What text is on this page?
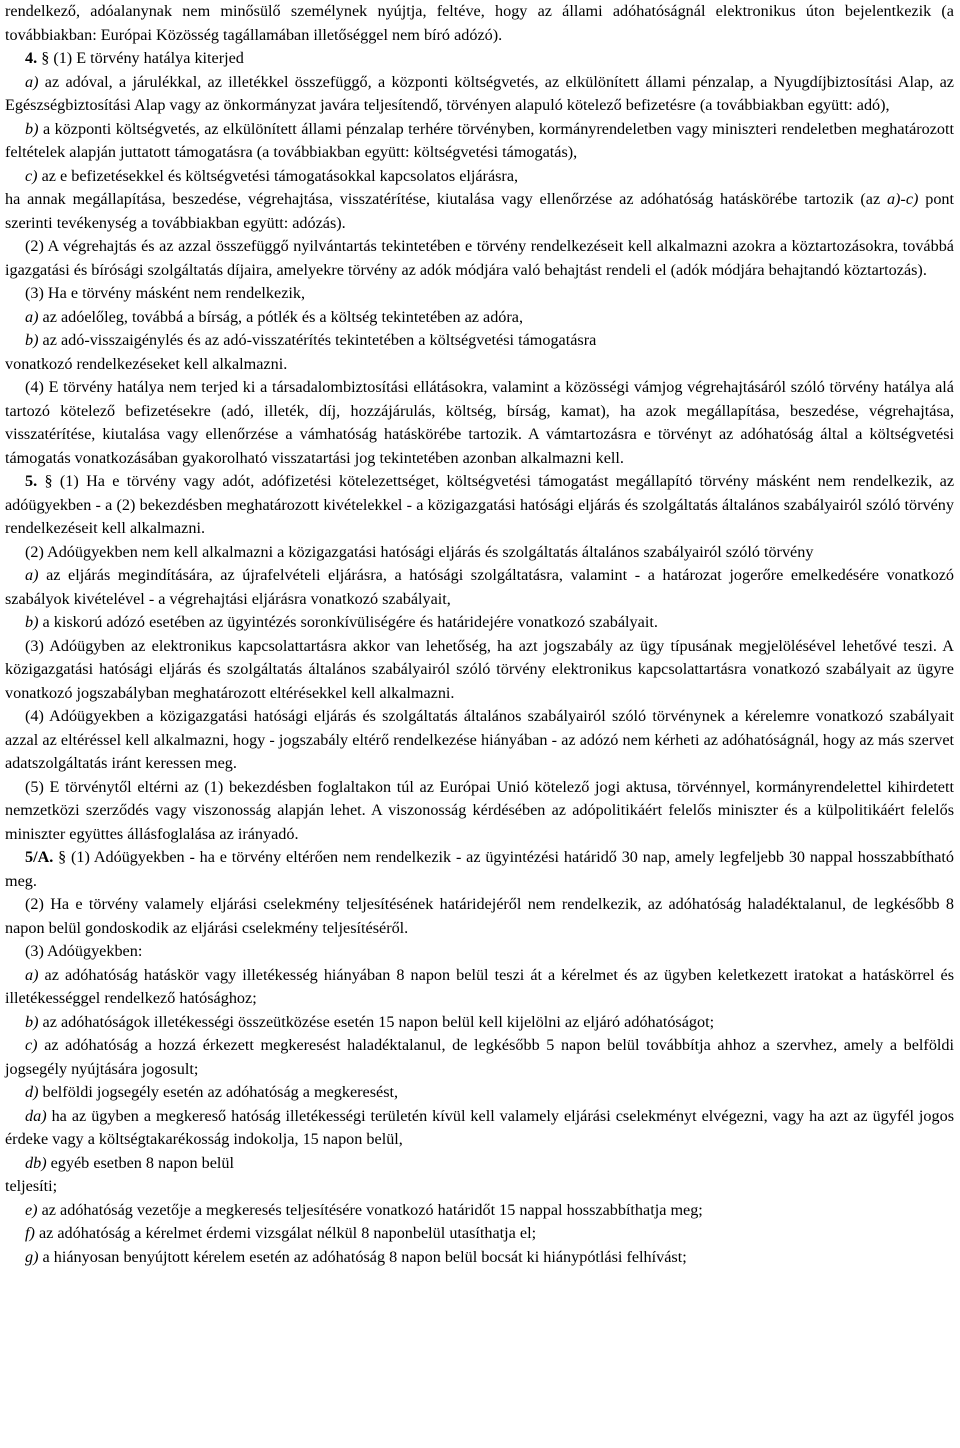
rendelkező, adóalanynak nem minősülő személynek nyújtja, feltéve, hogy az állami adóhatóságnál elektronikus úton bejelentkezik (a továbbiakban: Európai Közösség tagállamában illetőséggel nem bíró adózó).

4. § (1) E törvény hatálya kiterjed

a) az adóval, a járulékkal, az illetékkel összefüggő, a központi költségvetés, az elkülönített állami pénzalap, a Nyugdíjbiztosítási Alap, az Egészségbiztosítási Alap vagy az önkormányzat javára teljesítendő, törvényen alapuló kötelező befizetésre (a továbbiakban együtt: adó),

b) a központi költségvetés, az elkülönített állami pénzalap terhére törvényben, kormányrendeletben vagy miniszteri rendeletben meghatározott feltételek alapján juttatott támogatásra (a továbbiakban együtt: költségvetési támogatás),

c) az e befizetésekkel és költségvetési támogatásokkal kapcsolatos eljárásra,

ha annak megállapítása, beszedése, végrehajtása, visszatérítése, kiutalása vagy ellenőrzése az adóhatóság hatáskörébe tartozik (az a)-c) pont szerinti tevékenység a továbbiakban együtt: adózás).

(2) A végrehajtás és az azzal összefüggő nyilvántartás tekintetében e törvény rendelkezéseit kell alkalmazni azokra a köztartozásokra, továbbá igazgatási és bírósági szolgáltatás díjaira, amelyekre törvény az adók módjára való behajtást rendeli el (adók módjára behajtandó köztartozás).

(3) Ha e törvény másként nem rendelkezik,

a) az adóelőleg, továbbá a bírság, a pótlék és a költség tekintetében az adóra,

b) az adó-visszaigénylés és az adó-visszatérítés tekintetében a költségvetési támogatásra

vonatkozó rendelkezéseket kell alkalmazni.

(4) E törvény hatálya nem terjed ki a társadalombiztosítási ellátásokra, valamint a közösségi vámjog végrehajtásáról szóló törvény hatálya alá tartozó kötelező befizetésekre (adó, illeték, díj, hozzájárulás, költség, bírság, kamat), ha azok megállapítása, beszedése, végrehajtása, visszatérítése, kiutalása vagy ellenőrzése a vámhatóság hatáskörébe tartozik. A vámtartozásra e törvényt az adóhatóság által a költségvetési támogatás vonatkozásában gyakorolható visszatartási jog tekintetében azonban alkalmazni kell.

5. § (1) Ha e törvény vagy adót, adófizetési kötelezettséget, költségvetési támogatást megállapító törvény másként nem rendelkezik, az adóügyekben - a (2) bekezdésben meghatározott kivételekkel - a közigazgatási hatósági eljárás és szolgáltatás általános szabályairól szóló törvény rendelkezéseit kell alkalmazni.

(2) Adóügyekben nem kell alkalmazni a közigazgatási hatósági eljárás és szolgáltatás általános szabályairól szóló törvény

a) az eljárás megindítására, az újrafelvételi eljárásra, a hatósági szolgáltatásra, valamint - a határozat jogerőre emelkedésére vonatkozó szabályok kivételével - a végrehajtási eljárásra vonatkozó szabályait,

b) a kiskorú adózó esetében az ügyintézés soronkívüliségére és határidejére vonatkozó szabályait.

(3) Adóügyben az elektronikus kapcsolattartásra akkor van lehetőség, ha azt jogszabály az ügy típusának megjelölésével lehetővé teszi. A közigazgatási hatósági eljárás és szolgáltatás általános szabályairól szóló törvény elektronikus kapcsolattartásra vonatkozó szabályait az ügyre vonatkozó jogszabályban meghatározott eltérésekkel kell alkalmazni.

(4) Adóügyekben a közigazgatási hatósági eljárás és szolgáltatás általános szabályairól szóló törvénynek a kérelemre vonatkozó szabályait azzal az eltéréssel kell alkalmazni, hogy - jogszabály eltérő rendelkezése hiányában - az adózó nem kérheti az adóhatóságnál, hogy az más szervet adatszolgáltatás iránt keressen meg.

(5) E törvénytől eltérni az (1) bekezdésben foglaltakon túl az Európai Unió kötelező jogi aktusa, törvénnyel, kormányrendelettel kihirdetett nemzetközi szerződés vagy viszonosság alapján lehet. A viszonosság kérdésében az adópolitikáért felelős miniszter és a külpolitikáért felelős miniszter együttes állásfoglalása az irányadó.

5/A. § (1) Adóügyekben - ha e törvény eltérően nem rendelkezik - az ügyintézési határidő 30 nap, amely legfeljebb 30 nappal hosszabbítható meg.

(2) Ha e törvény valamely eljárási cselekmény teljesítésének határidejéről nem rendelkezik, az adóhatóság haladéktalanul, de legkésőbb 8 napon belül gondoskodik az eljárási cselekmény teljesítéséről.

(3) Adóügyekben:

a) az adóhatóság hatáskör vagy illetékesség hiányában 8 napon belül teszi át a kérelmet és az ügyben keletkezett iratokat a hatáskörrel és illetékességgel rendelkező hatósághoz;

b) az adóhatóságok illetékességi összeütközése esetén 15 napon belül kell kijelölni az eljáró adóhatóságot;

c) az adóhatóság a hozzá érkezett megkeresést haladéktalanul, de legkésőbb 5 napon belül továbbítja ahhoz a szervhez, amely a belföldi jogsegély nyújtására jogosult;

d) belföldi jogsegély esetén az adóhatóság a megkeresést,

da) ha az ügyben a megkereső hatóság illetékességi területén kívül kell valamely eljárási cselekményt elvégezni, vagy ha azt az ügyfél jogos érdeke vagy a költségtakarékosság indokolja, 15 napon belül,

db) egyéb esetben 8 napon belül

teljesíti;

e) az adóhatóság vezetője a megkeresés teljesítésére vonatkozó határidőt 15 nappal hosszabbíthatja meg;

f) az adóhatóság a kérelmet érdemi vizsgálat nélkül 8 naponbelül utasíthatja el;

g) a hiányosan benyújtott kérelem esetén az adóhatóság 8 napon belül bocsát ki hiánypótlási felhívást;
